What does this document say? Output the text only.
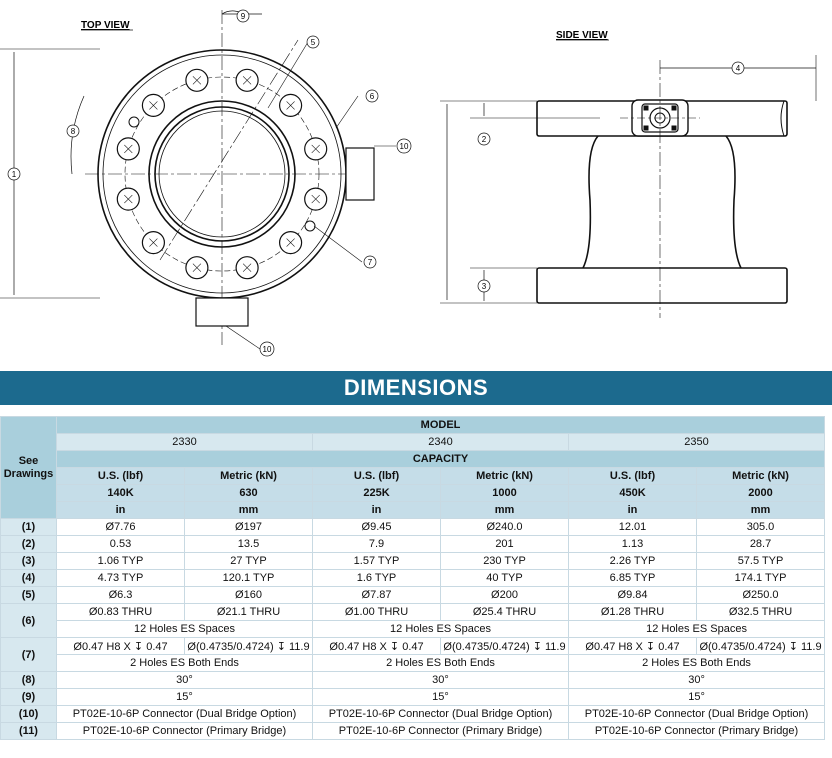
TOP VIEW
1
5
6
7
8
9
10
10
SIDE VIEW
4
2
3
DIMENSIONS
See Drawings	MODEL					
	2330		2340		2350	
	CAPACITY					
	U.S. (lbf)	Metric (kN)	U.S. (lbf)	Metric (kN)	U.S. (lbf)	Metric (kN)
	140K	630	225K	1000	450K	2000
	in	mm	in	mm	in	mm
(1)	Ø7.76	Ø197	Ø9.45	Ø240.0	12.01	305.0
(2)	0.53	13.5	7.9	201	1.13	28.7
(3)	1.06 TYP	27 TYP	1.57 TYP	230 TYP	2.26 TYP	57.5 TYP
(4)	4.73 TYP	120.1 TYP	1.6 TYP	40 TYP	6.85 TYP	174.1 TYP
(5)	Ø6.3	Ø160	Ø7.87	Ø200	Ø9.84	Ø250.0
(6)	Ø0.83 THRU	Ø21.1 THRU	Ø1.00 THRU	Ø25.4 THRU	Ø1.28 THRU	Ø32.5 THRU
	12 Holes ES Spaces		12 Holes ES Spaces		12 Holes ES Spaces	
(7)	Ø0.47 H8 X ↧ 0.47	Ø(0.4735/0.4724) ↧ 11.9	Ø0.47 H8 X ↧ 0.47	Ø(0.4735/0.4724) ↧ 11.9	Ø0.47 H8 X ↧ 0.47	Ø(0.4735/0.4724) ↧ 11.9
	2 Holes ES Both Ends		2 Holes ES Both Ends		2 Holes ES Both Ends	
(8)	30°		30°		30°	
(9)	15°		15°		15°	
(10)	PT02E-10-6P Connector (Dual Bridge Option)		PT02E-10-6P Connector (Dual Bridge Option)		PT02E-10-6P Connector (Dual Bridge Option)	
(11)	PT02E-10-6P Connector (Primary Bridge)		PT02E-10-6P Connector (Primary Bridge)		PT02E-10-6P Connector (Primary Bridge)	
